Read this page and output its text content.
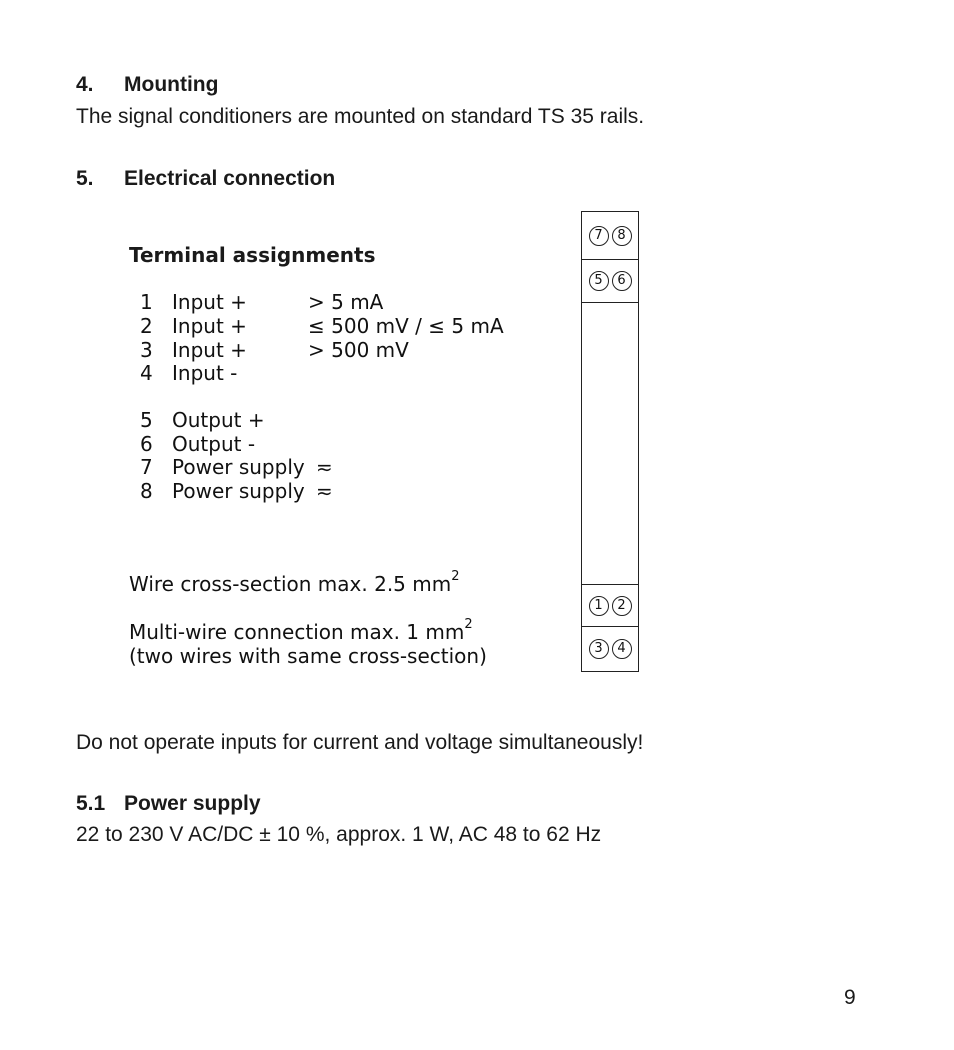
4. Mounting
The signal conditioners are mounted on standard TS 35 rails.
5. Electrical connection
Terminal assignments
1 Input +	> 5 mA
2 Input +	≤ 500 mV / ≤ 5 mA
3 Input +	> 500 mV
4 Input -
5 Output +
6 Output -
7 Power supply ≂
8 Power supply ≂
Wire cross-section max. 2.5 $mm^2$
Multi-wire connection max. 1 $mm^2$
(two wires with same cross-section)
7	8
5	6
1	2
3	4
Do not operate inputs for current and voltage simultaneously!
5.1 Power supply
22 to 230 V AC/DC ± 10 %, approx. 1 W, AC 48 to 62 Hz
9
